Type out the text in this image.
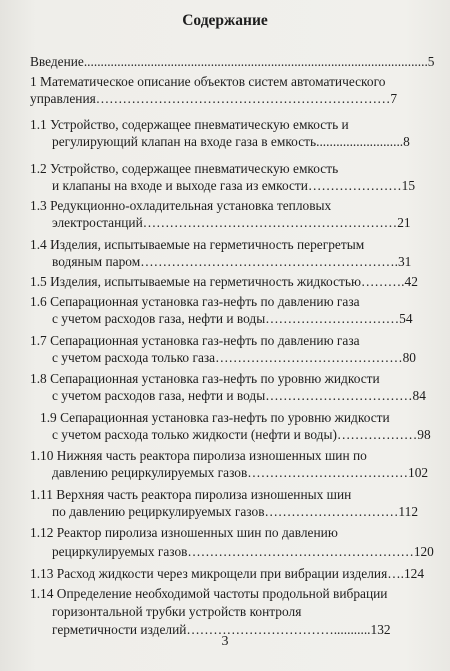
Содержание
Введение.......................................................................................................5
1 Математическое описание объектов систем автоматического
управления…………………………………………………………7
1.1 Устройство, содержащее пневматическую емкость и
регулирующий клапан на входе газа в емкость..........................8
1.2 Устройство, содержащее пневматическую емкость
и клапаны на входе и выходе газа из емкости…………………15
1.3 Редукционно-охладительная установка тепловых
электростанций…………………………………………………21
1.4 Изделия, испытываемые на герметичность перегретым
водяным паром………………………………………………….31
1.5 Изделия, испытываемые на герметичность жидкостью……….42
1.6 Сепарационная установка газ-нефть по давлению газа
с учетом расходов газа, нефти и воды…………………………54
1.7 Сепарационная установка газ-нефть по давлению газа
с учетом расхода только газа……………………………………80
1.8 Сепарационная установка газ-нефть по уровню жидкости
с учетом расходов газа, нефти и воды……………………………84
1.9 Сепарационная установка газ-нефть по уровню жидкости
с учетом расхода только жидкости (нефти и воды)………………98
1.10 Нижняя часть реактора пиролиза изношенных шин по
давлению рециркулируемых газов………………………………102
1.11 Верхняя часть реактора пиролиза изношенных шин
по давлению рециркулируемых газов…………………………112
1.12 Реактор пиролиза изношенных шин по давлению
рециркулируемых газов……………………………………………120
1.13 Расход жидкости через микрощели при вибрации изделия….124
1.14 Определение необходимой частоты продольной вибрации
горизонтальной трубки устройств контроля
герметичности изделий……………………………...........132
3
